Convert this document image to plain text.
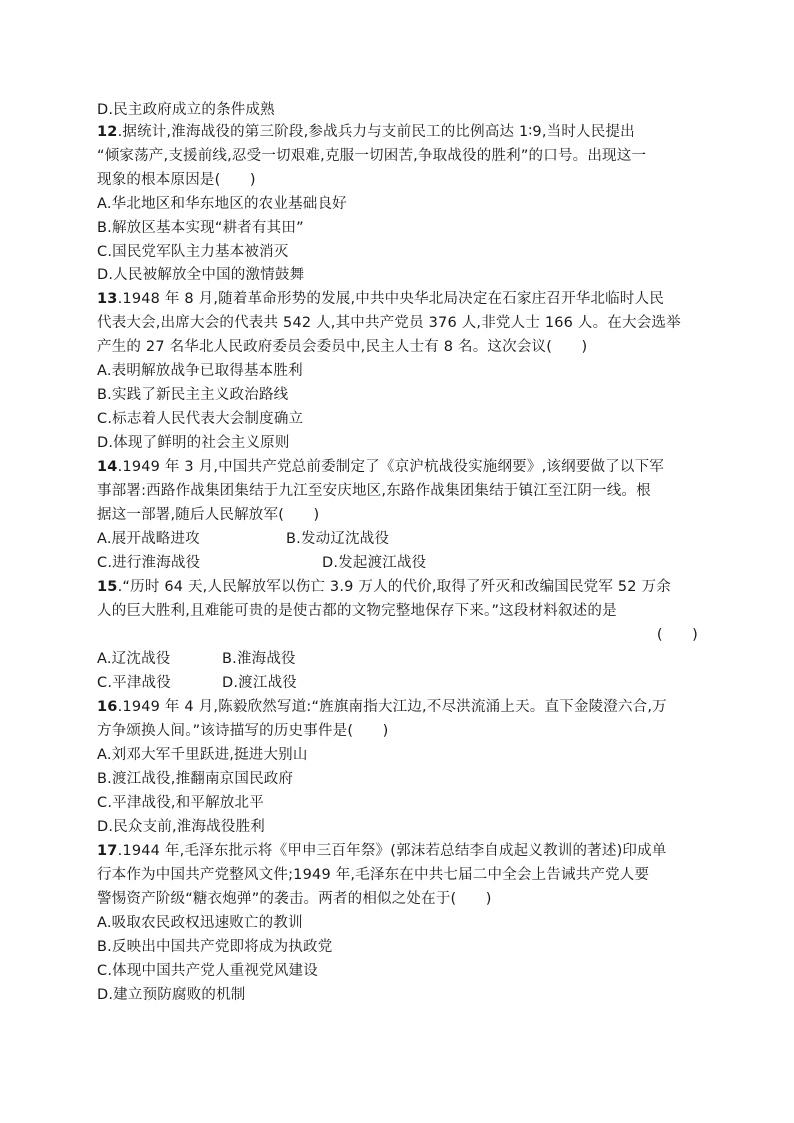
D.民主政府成立的条件成熟
12.据统计,淮海战役的第三阶段,参战兵力与支前民工的比例高达 1∶9,当时人民提出
“倾家荡产,支援前线,忍受一切艰难,克服一切困苦,争取战役的胜利”的口号。出现这一
现象的根本原因是(　　)
A.华北地区和华东地区的农业基础良好
B.解放区基本实现“耕者有其田”
C.国民党军队主力基本被消灭
D.人民被解放全中国的激情鼓舞
13.1948 年 8 月,随着革命形势的发展,中共中央华北局决定在石家庄召开华北临时人民
代表大会,出席大会的代表共 542 人,其中共产党员 376 人,非党人士 166 人。在大会选举
产生的 27 名华北人民政府委员会委员中,民主人士有 8 名。这次会议(　　)
A.表明解放战争已取得基本胜利
B.实践了新民主主义政治路线
C.标志着人民代表大会制度确立
D.体现了鲜明的社会主义原则
14.1949 年 3 月,中国共产党总前委制定了《京沪杭战役实施纲要》,该纲要做了以下军
事部署:西路作战集团集结于九江至安庆地区,东路作战集团集结于镇江至江阴一线。根
据这一部署,随后人民解放军(　　)
A.展开战略进攻	B.发动辽沈战役
C.进行淮海战役	D.发起渡江战役
15.“历时 64 天,人民解放军以伤亡 3.9 万人的代价,取得了歼灭和改编国民党军 52 万余
人的巨大胜利,且难能可贵的是使古都的文物完整地保存下来。”这段材料叙述的是
(　　)
A.辽沈战役	B.淮海战役
C.平津战役	D.渡江战役
16.1949 年 4 月,陈毅欣然写道:“旌旗南指大江边,不尽洪流涌上天。直下金陵澄六合,万
方争颂换人间。”该诗描写的历史事件是(　　)
A.刘邓大军千里跃进,挺进大别山
B.渡江战役,推翻南京国民政府
C.平津战役,和平解放北平
D.民众支前,淮海战役胜利
17.1944 年,毛泽东批示将《甲申三百年祭》(郭沫若总结李自成起义教训的著述)印成单
行本作为中国共产党整风文件;1949 年,毛泽东在中共七届二中全会上告诫共产党人要
警惕资产阶级“糖衣炮弹”的袭击。两者的相似之处在于(　　)
A.吸取农民政权迅速败亡的教训
B.反映出中国共产党即将成为执政党
C.体现中国共产党人重视党风建设
D.建立预防腐败的机制
